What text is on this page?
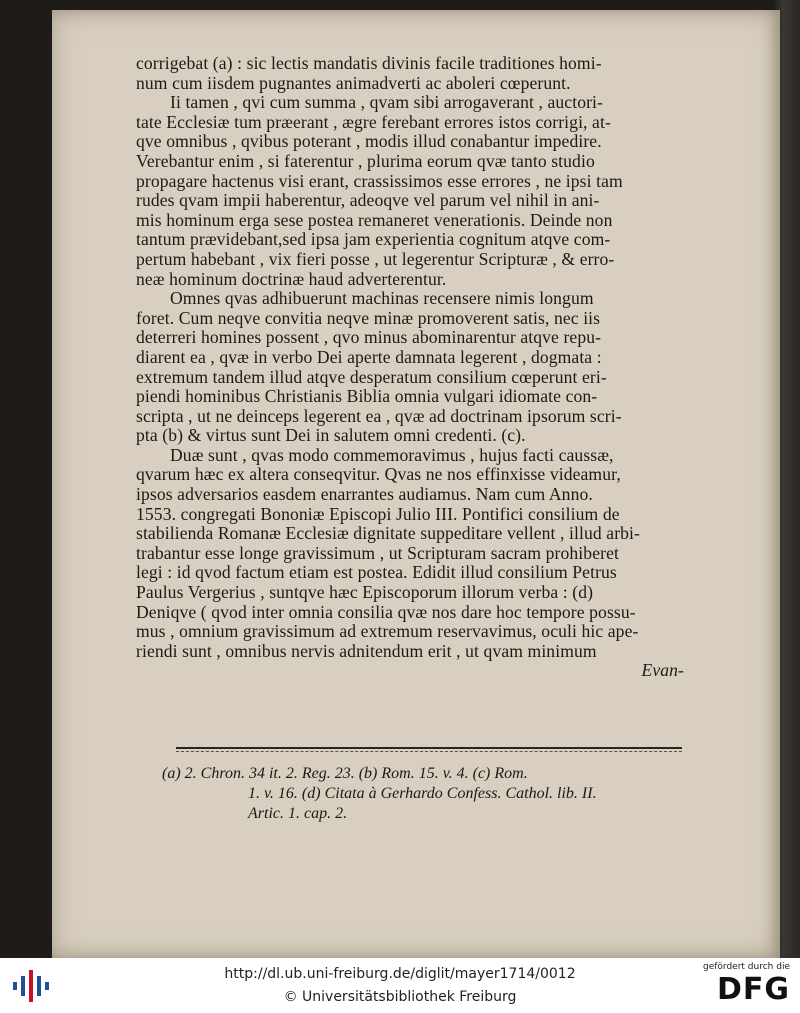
corrigebat (a) : sic lectis mandatis divinis facile traditiones homi-
num cum iisdem pugnantes animadverti ac aboleri cœperunt.
Ii tamen , qvi cum summa , qvam sibi arrogaverant , auctori-
tate Ecclesiæ tum præerant , ægre ferebant errores istos corrigi, at-
qve omnibus , qvibus poterant , modis illud conabantur impedire.
Verebantur enim , si faterentur , plurima eorum qvæ tanto studio
propagare hactenus visi erant, crassissimos esse errores , ne ipsi tam
rudes qvam impii haberentur, adeoqve vel parum vel nihil in ani-
mis hominum erga sese postea remaneret venerationis. Deinde non
tantum prævidebant,sed ipsa jam experientia cognitum atqve com-
pertum habebant , vix fieri posse , ut legerentur Scripturæ , & erro-
neæ hominum doctrinæ haud adverterentur.
Omnes qvas adhibuerunt machinas recensere nimis longum
foret. Cum neqve convitia neqve minæ promoverent satis, nec iis
deterreri homines possent , qvo minus abominarentur atqve repu-
diarent ea , qvæ in verbo Dei aperte damnata legerent , dogmata :
extremum tandem illud atqve desperatum consilium cœperunt eri-
piendi hominibus Christianis Biblia omnia vulgari idiomate con-
scripta , ut ne deinceps legerent ea , qvæ ad doctrinam ipsorum scri-
pta (b) & virtus sunt Dei in salutem omni credenti. (c).
Duæ sunt , qvas modo commemoravimus , hujus facti caussæ,
qvarum hæc ex altera conseqvitur. Qvas ne nos effinxisse videamur,
ipsos adversarios easdem enarrantes audiamus. Nam cum Anno.
1553. congregati Bononiæ Episcopi Julio III. Pontifici consilium de
stabilienda Romanæ Ecclesiæ dignitate suppeditare vellent , illud arbi-
trabantur esse longe gravissimum , ut Scripturam sacram prohiberet
legi : id qvod factum etiam est postea. Edidit illud consilium Petrus
Paulus Vergerius , suntqve hæc Episcoporum illorum verba : (d)
Deniqve ( qvod inter omnia consilia qvæ nos dare hoc tempore possu-
mus , omnium gravissimum ad extremum reservavimus, oculi hic ape-
riendi sunt , omnibus nervis adnitendum erit , ut qvam minimum
Evan-
(a) 2. Chron. 34 it. 2. Reg. 23. (b) Rom. 15. v. 4. (c) Rom.
1. v. 16. (d) Citata à Gerhardo Confess. Cathol. lib. II.
Artic. 1. cap. 2.
http://dl.ub.uni-freiburg.de/diglit/mayer1714/0012
© Universitätsbibliothek Freiburg
gefördert durch die
DFG
